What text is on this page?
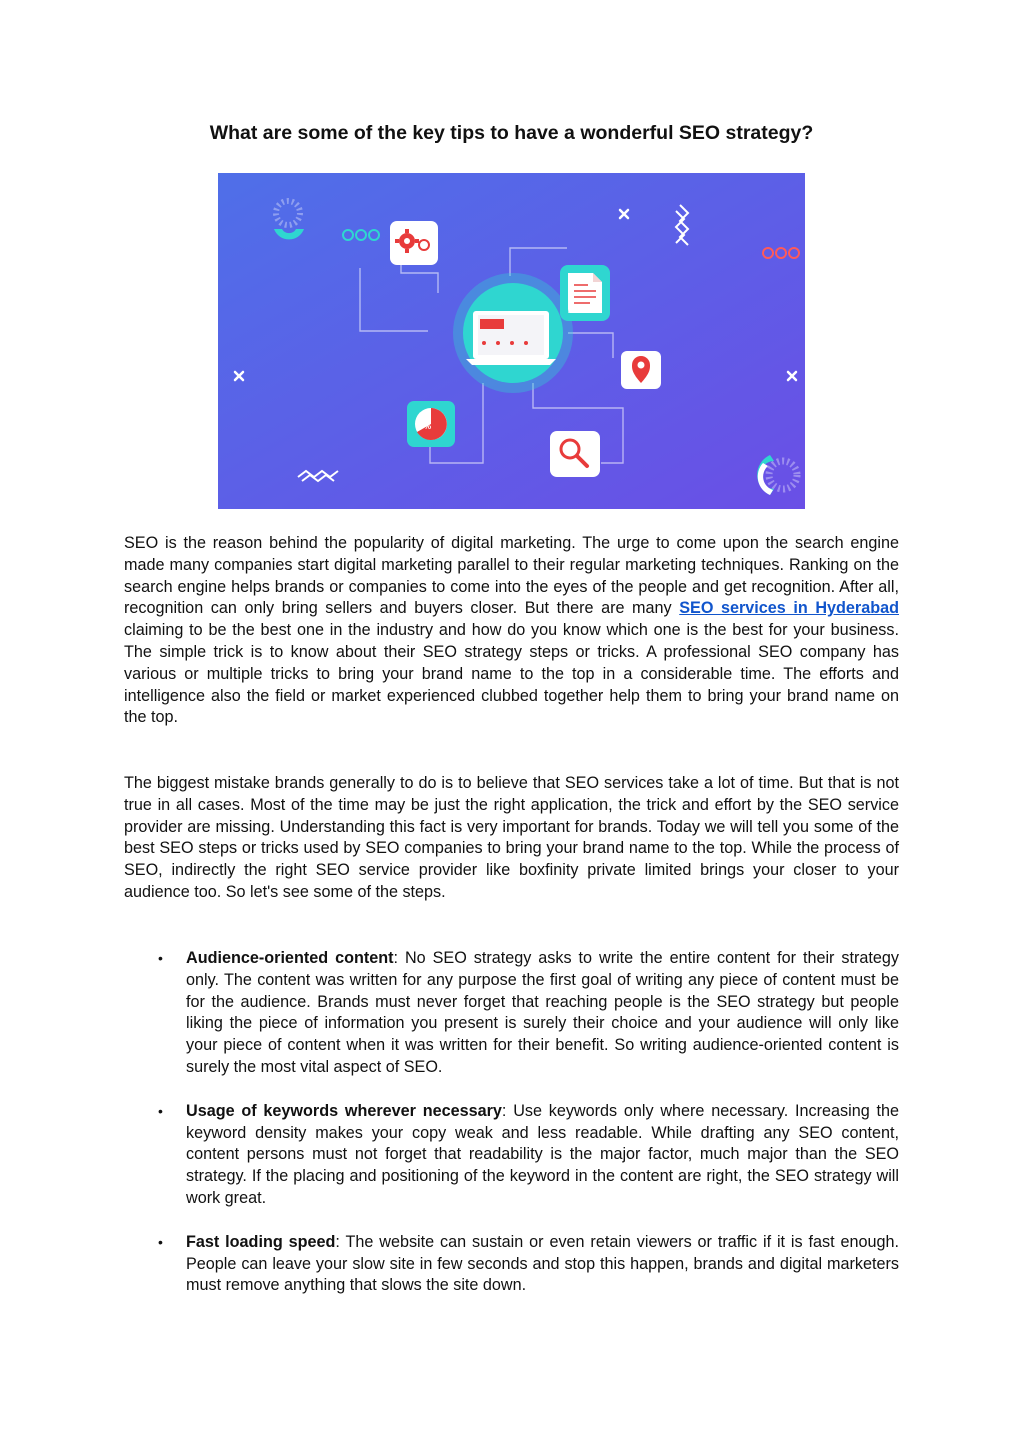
What are some of the key tips to have a wonderful SEO strategy?
%

SEO is the reason behind the popularity of digital marketing. The urge to come upon the search engine made many companies start digital marketing parallel to their regular marketing techniques. Ranking on the search engine helps brands or companies to come into the eyes of the people and get recognition. After all, recognition can only bring sellers and buyers closer. But there are many SEO services in Hyderabad claiming to be the best one in the industry and how do you know which one is the best for your business. The simple trick is to know about their SEO strategy steps or tricks. A professional SEO company has various or multiple tricks to bring your brand name to the top in a considerable time. The efforts and intelligence also the field or market experienced clubbed together help them to bring your brand name on the top.

The biggest mistake brands generally to do is to believe that SEO services take a lot of time. But that is not true in all cases. Most of the time may be just the right application, the trick and effort by the SEO service provider are missing. Understanding this fact is very important for brands. Today we will tell you some of the best SEO steps or tricks used by SEO companies to bring your brand name to the top. While the process of SEO, indirectly the right SEO service provider like boxfinity private limited brings your closer to your audience too. So let's see some of the steps.

• Audience-oriented content: No SEO strategy asks to write the entire content for their strategy only. The content was written for any purpose the first goal of writing any piece of content must be for the audience. Brands must never forget that reaching people is the SEO strategy but people liking the piece of information you present is surely their choice and your audience will only like your piece of content when it was written for their benefit. So writing audience-oriented content is surely the most vital aspect of SEO.
• Usage of keywords wherever necessary: Use keywords only where necessary. Increasing the keyword density makes your copy weak and less readable. While drafting any SEO content, content persons must not forget that readability is the major factor, much major than the SEO strategy. If the placing and positioning of the keyword in the content are right, the SEO strategy will work great.
• Fast loading speed: The website can sustain or even retain viewers or traffic if it is fast enough. People can leave your slow site in few seconds and stop this happen, brands and digital marketers must remove anything that slows the site down.
